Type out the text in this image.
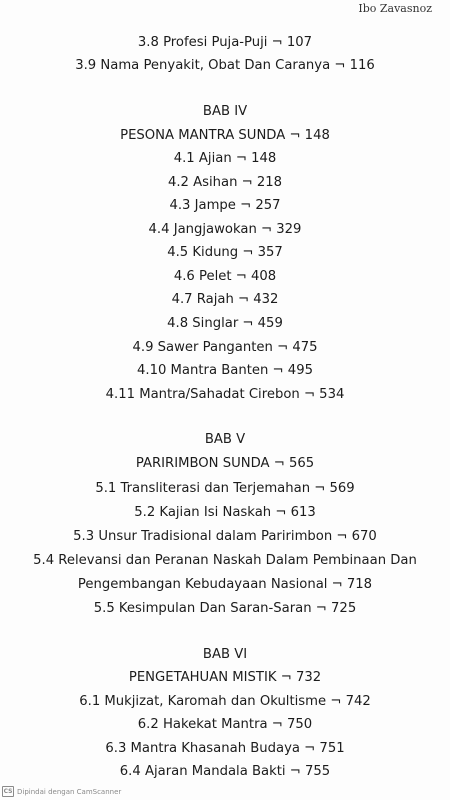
Ibo Zavasnoz
3.8 Profesi Puja-Puji ¬ 107
3.9 Nama Penyakit, Obat Dan Caranya ¬ 116
BAB IV
PESONA MANTRA SUNDA ¬ 148
4.1 Ajian ¬ 148
4.2 Asihan ¬ 218
4.3 Jampe ¬ 257
4.4 Jangjawokan ¬ 329
4.5 Kidung ¬ 357
4.6 Pelet ¬ 408
4.7 Rajah ¬ 432
4.8 Singlar ¬ 459
4.9 Sawer Panganten ¬ 475
4.10 Mantra Banten ¬ 495
4.11 Mantra/Sahadat Cirebon ¬ 534
BAB V
PARIRIMBON SUNDA ¬ 565
5.1 Transliterasi dan Terjemahan ¬ 569
5.2 Kajian Isi Naskah ¬ 613
5.3 Unsur Tradisional dalam Paririmbon ¬ 670
5.4 Relevansi dan Peranan Naskah Dalam Pembinaan Dan
Pengembangan Kebudayaan Nasional ¬ 718
5.5 Kesimpulan Dan Saran-Saran ¬ 725
BAB VI
PENGETAHUAN MISTIK ¬ 732
6.1 Mukjizat, Karomah dan Okultisme ¬ 742
6.2 Hakekat Mantra ¬ 750
6.3 Mantra Khasanah Budaya ¬ 751
6.4 Ajaran Mandala Bakti ¬ 755
CS Dipindai dengan CamScanner
